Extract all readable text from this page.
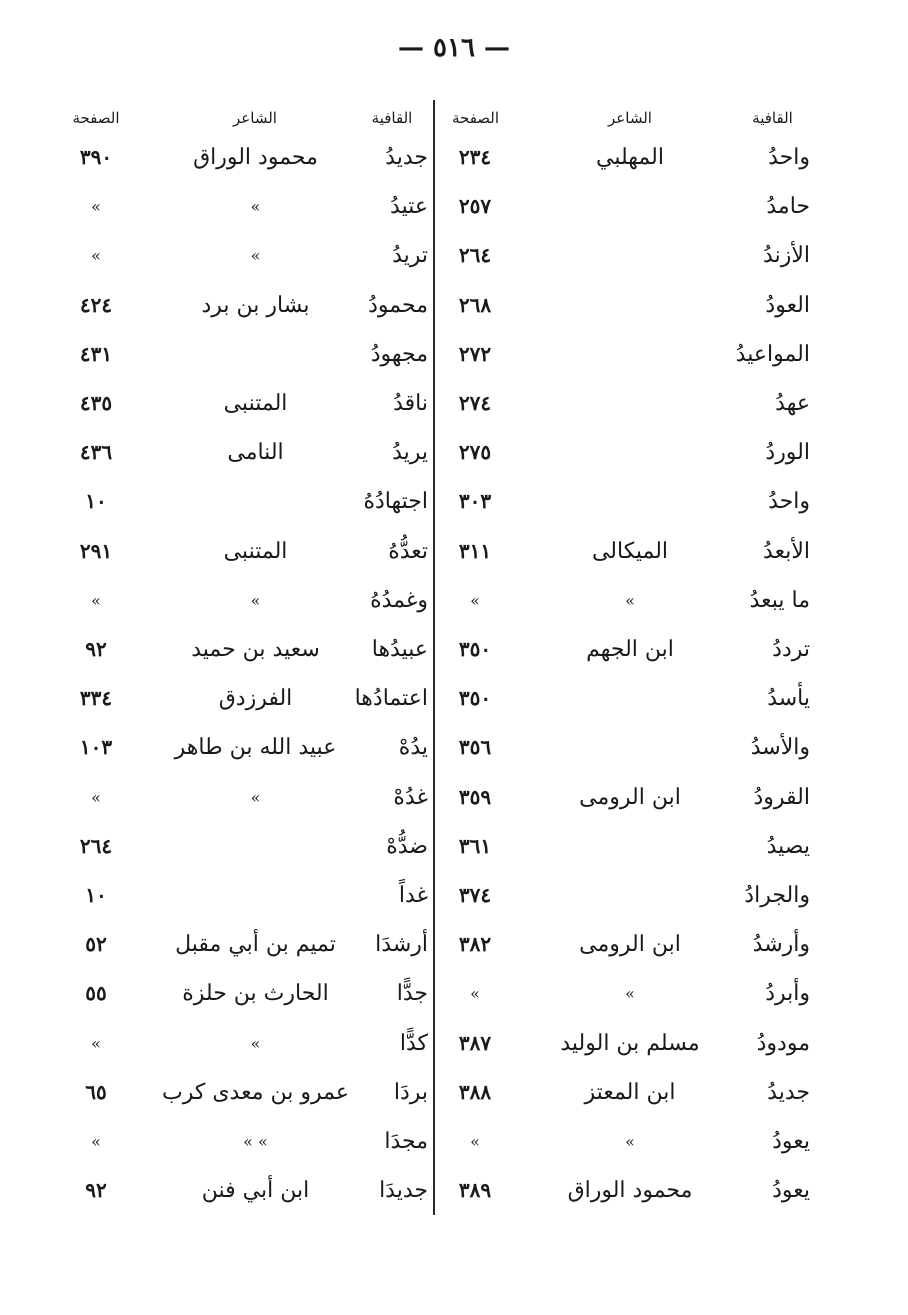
— ٥١٦ —
القافية
الشاعر
الصفحة
القافية
الشاعر
الصفحة
واحدُ
المهلبي
٢٣٤
جديدُ
محمود الوراق
٣٩٠
حامدُ
٢٥٧
عتيدُ
»
»
الأزندُ
٢٦٤
تريدُ
»
»
العودُ
٢٦٨
محمودُ
بشار بن برد
٤٢٤
المواعيدُ
٢٧٢
مجهودُ
٤٣١
عهدُ
٢٧٤
ناقدُ
المتنبى
٤٣٥
الوردُ
٢٧٥
يريدُ
النامى
٤٣٦
واحدُ
٣٠٣
اجتهادُهُ
١٠
الأبعدُ
الميكالى
٣١١
تعدُّهُ
المتنبى
٢٩١
ما يبعدُ
»
»
وغمدُهُ
»
»
ترددُ
ابن الجهم
٣٥٠
عبيدُها
سعيد بن حميد
٩٢
يأسدُ
٣٥٠
اعتمادُها
الفرزدق
٣٣٤
والأسدُ
٣٥٦
يدُهْ
عبيد الله بن طاهر
١٠٣
القرودُ
ابن الرومى
٣٥٩
غدُهْ
»
»
يصيدُ
٣٦١
ضدُّهْ
٢٦٤
والجرادُ
٣٧٤
غداً
١٠
وأرشدُ
ابن الرومى
٣٨٢
أرشدَا
تميم بن أبي مقبل
٥٢
وأبردُ
»
»
جدًّا
الحارث بن حلزة
٥٥
مودودُ
مسلم بن الوليد
٣٨٧
كدًّا
»
»
جديدُ
ابن المعتز
٣٨٨
بردَا
عمرو بن معدى كرب
٦٥
يعودُ
»
»
مجدَا
» »
»
يعودُ
محمود الوراق
٣٨٩
جديدَا
ابن أبي فنن
٩٢
